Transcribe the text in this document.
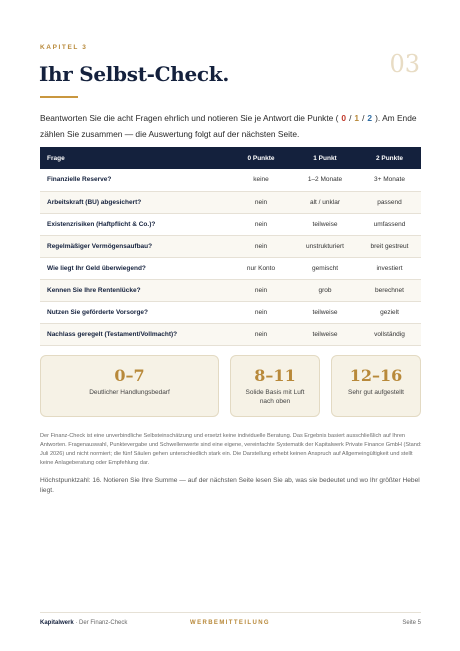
KAPITEL 3
03
Ihr Selbst-Check.

Beantworten Sie die acht Fragen ehrlich und notieren Sie je Antwort die Punkte ( 0 / 1 / 2 ). Am Ende zählen Sie zusammen — die Auswertung folgt auf der nächsten Seite.

Frage	0 Punkte	1 Punkt	2 Punkte
Finanzielle Reserve?	keine	1–2 Monate	3+ Monate
Arbeitskraft (BU) abgesichert?	nein	alt / unklar	passend
Existenzrisiken (Haftpflicht & Co.)?	nein	teilweise	umfassend
Regelmäßiger Vermögensaufbau?	nein	unstrukturiert	breit gestreut
Wie liegt Ihr Geld überwiegend?	nur Konto	gemischt	investiert
Kennen Sie Ihre Rentenlücke?	nein	grob	berechnet
Nutzen Sie geförderte Vorsorge?	nein	teilweise	gezielt
Nachlass geregelt (Testament/Vollmacht)?	nein	teilweise	vollständig
0–7
Deutlicher Handlungsbedarf
8–11
Solide Basis mit Luft nach oben
12–16
Sehr gut aufgestellt

Der Finanz-Check ist eine unverbindliche Selbsteinschätzung und ersetzt keine individuelle Beratung. Das Ergebnis basiert ausschließlich auf Ihren Antworten. Fragenauswahl, Punktevergabe und Schwellenwerte sind eine eigene, vereinfachte Systematik der Kapitalwerk Private Finance GmbH (Stand: Juli 2026) und nicht normiert; die fünf Säulen gehen unterschiedlich stark ein. Die Darstellung erhebt keinen Anspruch auf Allgemeingültigkeit und stellt keine Anlageberatung oder Empfehlung dar.

Höchstpunktzahl: 16. Notieren Sie Ihre Summe — auf der nächsten Seite lesen Sie ab, was sie bedeutet und wo Ihr größter Hebel liegt.

Kapitalwerk · Der Finanz-Check	WERBEMITTEILUNG	Seite 5
